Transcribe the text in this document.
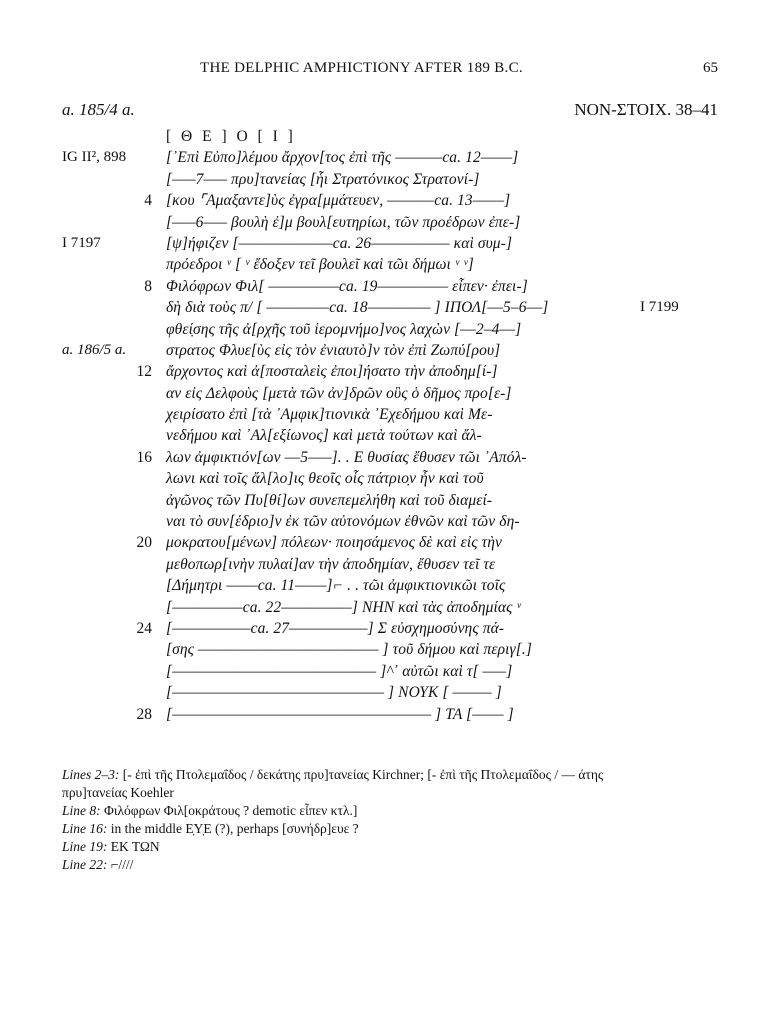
THE DELPHIC AMPHICTIONY AFTER 189 B.C.	65
a. 185/4 a.	NON-ΣΤΟΙΧ. 38–41
[ Θ Ε ] Ο [ Ι ]
IG II², 898	[᾿Επὶ Εὐπο]λέμου ἄρχον[τος ἐπὶ τῆς ––––––ca. 12––––]
[–––7––– πρυ]τανείας [ἧι Στρατόνικος Στρατονί-]
4 [κου ⌜Αμαξαντε]ὺς ἐγρα[μμάτευεν, ––––––ca. 13––––]
[–––6––– βουλὴ ἐ]μ βουλ[ευτηρίωι, τῶν προέδρων ἐπε-]
I 7197	[ψ]ήφιζεν [––––––––––––ca. 26–––––––––– καὶ συμ-]
πρόεδροι ᵛ [ ᵛ ἔδοξεν τεῖ βουλεῖ καὶ τῶι δήμωι ᵛ ᵛ]
8 Φιλόφρων Φιλ[ –––––––––ca. 19––––––––– εἶπεν· ἐπει-]
δὴ διὰ τοὺς π/ [ ––––––––ca. 18–––––––– ] ΙΠΟΛ[––5–6––]	I 7199
φθεί̣σης τῆς ἀ[ρχῆς τοῦ ἱερομνήμο]νος λαχὼν [––2–4––]
a. 186/5 a.	στρατος Φλυε[ὺς εἰς τὸν ἐνιαυτὸ]ν τὸν ἐπὶ Ζωπύ[ρου]
12 ἄρχοντος καὶ ἀ[ποσταλεὶς ἐποι]ήσατο τὴν ἀποδημ[ί-]
αν εἰς Δελφοὺς [μετὰ τῶν ἀν]δρῶν οὓς ὁ δῆμος προ[ε-]
χειρίσατο ἐπὶ [τὰ ᾿Αμφικ]τιονικὰ ᾿Εχεδήμου καὶ Με-
νεδήμου καὶ ᾿Αλ[εξίωνος] καὶ μετὰ τούτων καὶ ἄλ-
16 λων ἀμφικτιόν[ων ––5–––]. . Ε θυσίας ἔθυσεν τῶι ᾿Απόλ-
λωνι καὶ τοῖς ἄλ[λο]ις θεοῖς οἷς πάτριο̣ν ἦν καὶ τοῦ
ἀγῶνος τῶν Πυ[θί]ων συνεπεμελήθη καὶ τοῦ διαμεί-
ναι τὸ συν[έδριο]ν ἐκ τῶν αὐτονόμων ἐθνῶν καὶ τῶν δη-
20 μοκρατου[μένων] πόλεων· ποιησάμενος δὲ καὶ εἰς τὴν
μεθοπωρ[ινὴν πυλαί]αν τὴν ἀποδημίαν, ἔθυσεν τεῖ τε
[Δήμητρι ––––ca. 11––––]⌐ . . τῶι ἀμφικτιονικῶι τοῖς
[–––––––––ca. 22–––––––––] ΝΗΝ καὶ τὰς ἀποδημίας ᵛ
24 [––––––––––ca. 27––––––––––] Σ εὐσχημοσύνης πά-
[σης ––––––––––––––––––––––– ] τοῦ δήμου καὶ περιγ[.]
[–––––––––––––––––––––––––– ]^᾿ αὐτῶι καὶ τ[ –––]
[––––––––––––––––––––––––––– ] ΝΟΥΚ [ ––––– ]
28 [––––––––––––––––––––––––––––––––– ] ΤΑ [–––– ]
Lines 2–3: [- ἐπὶ τῆς Πτολεμαΐδος / δεκάτης πρυ]τανείας Kirchner; [- ἐπὶ τῆς Πτολεμαΐδος / –– άτης
πρυ]τανείας Koehler
Line 8: Φιλόφρων Φιλ[οκράτους ? demotic εἶπεν κτλ.]
Line 16: in the middle Ε̣Υ̣Ε (?), perhaps [συνήδρ]ευε ?
Line 19: ΕΚ ΤΩΝ
Line 22: ⌐////
